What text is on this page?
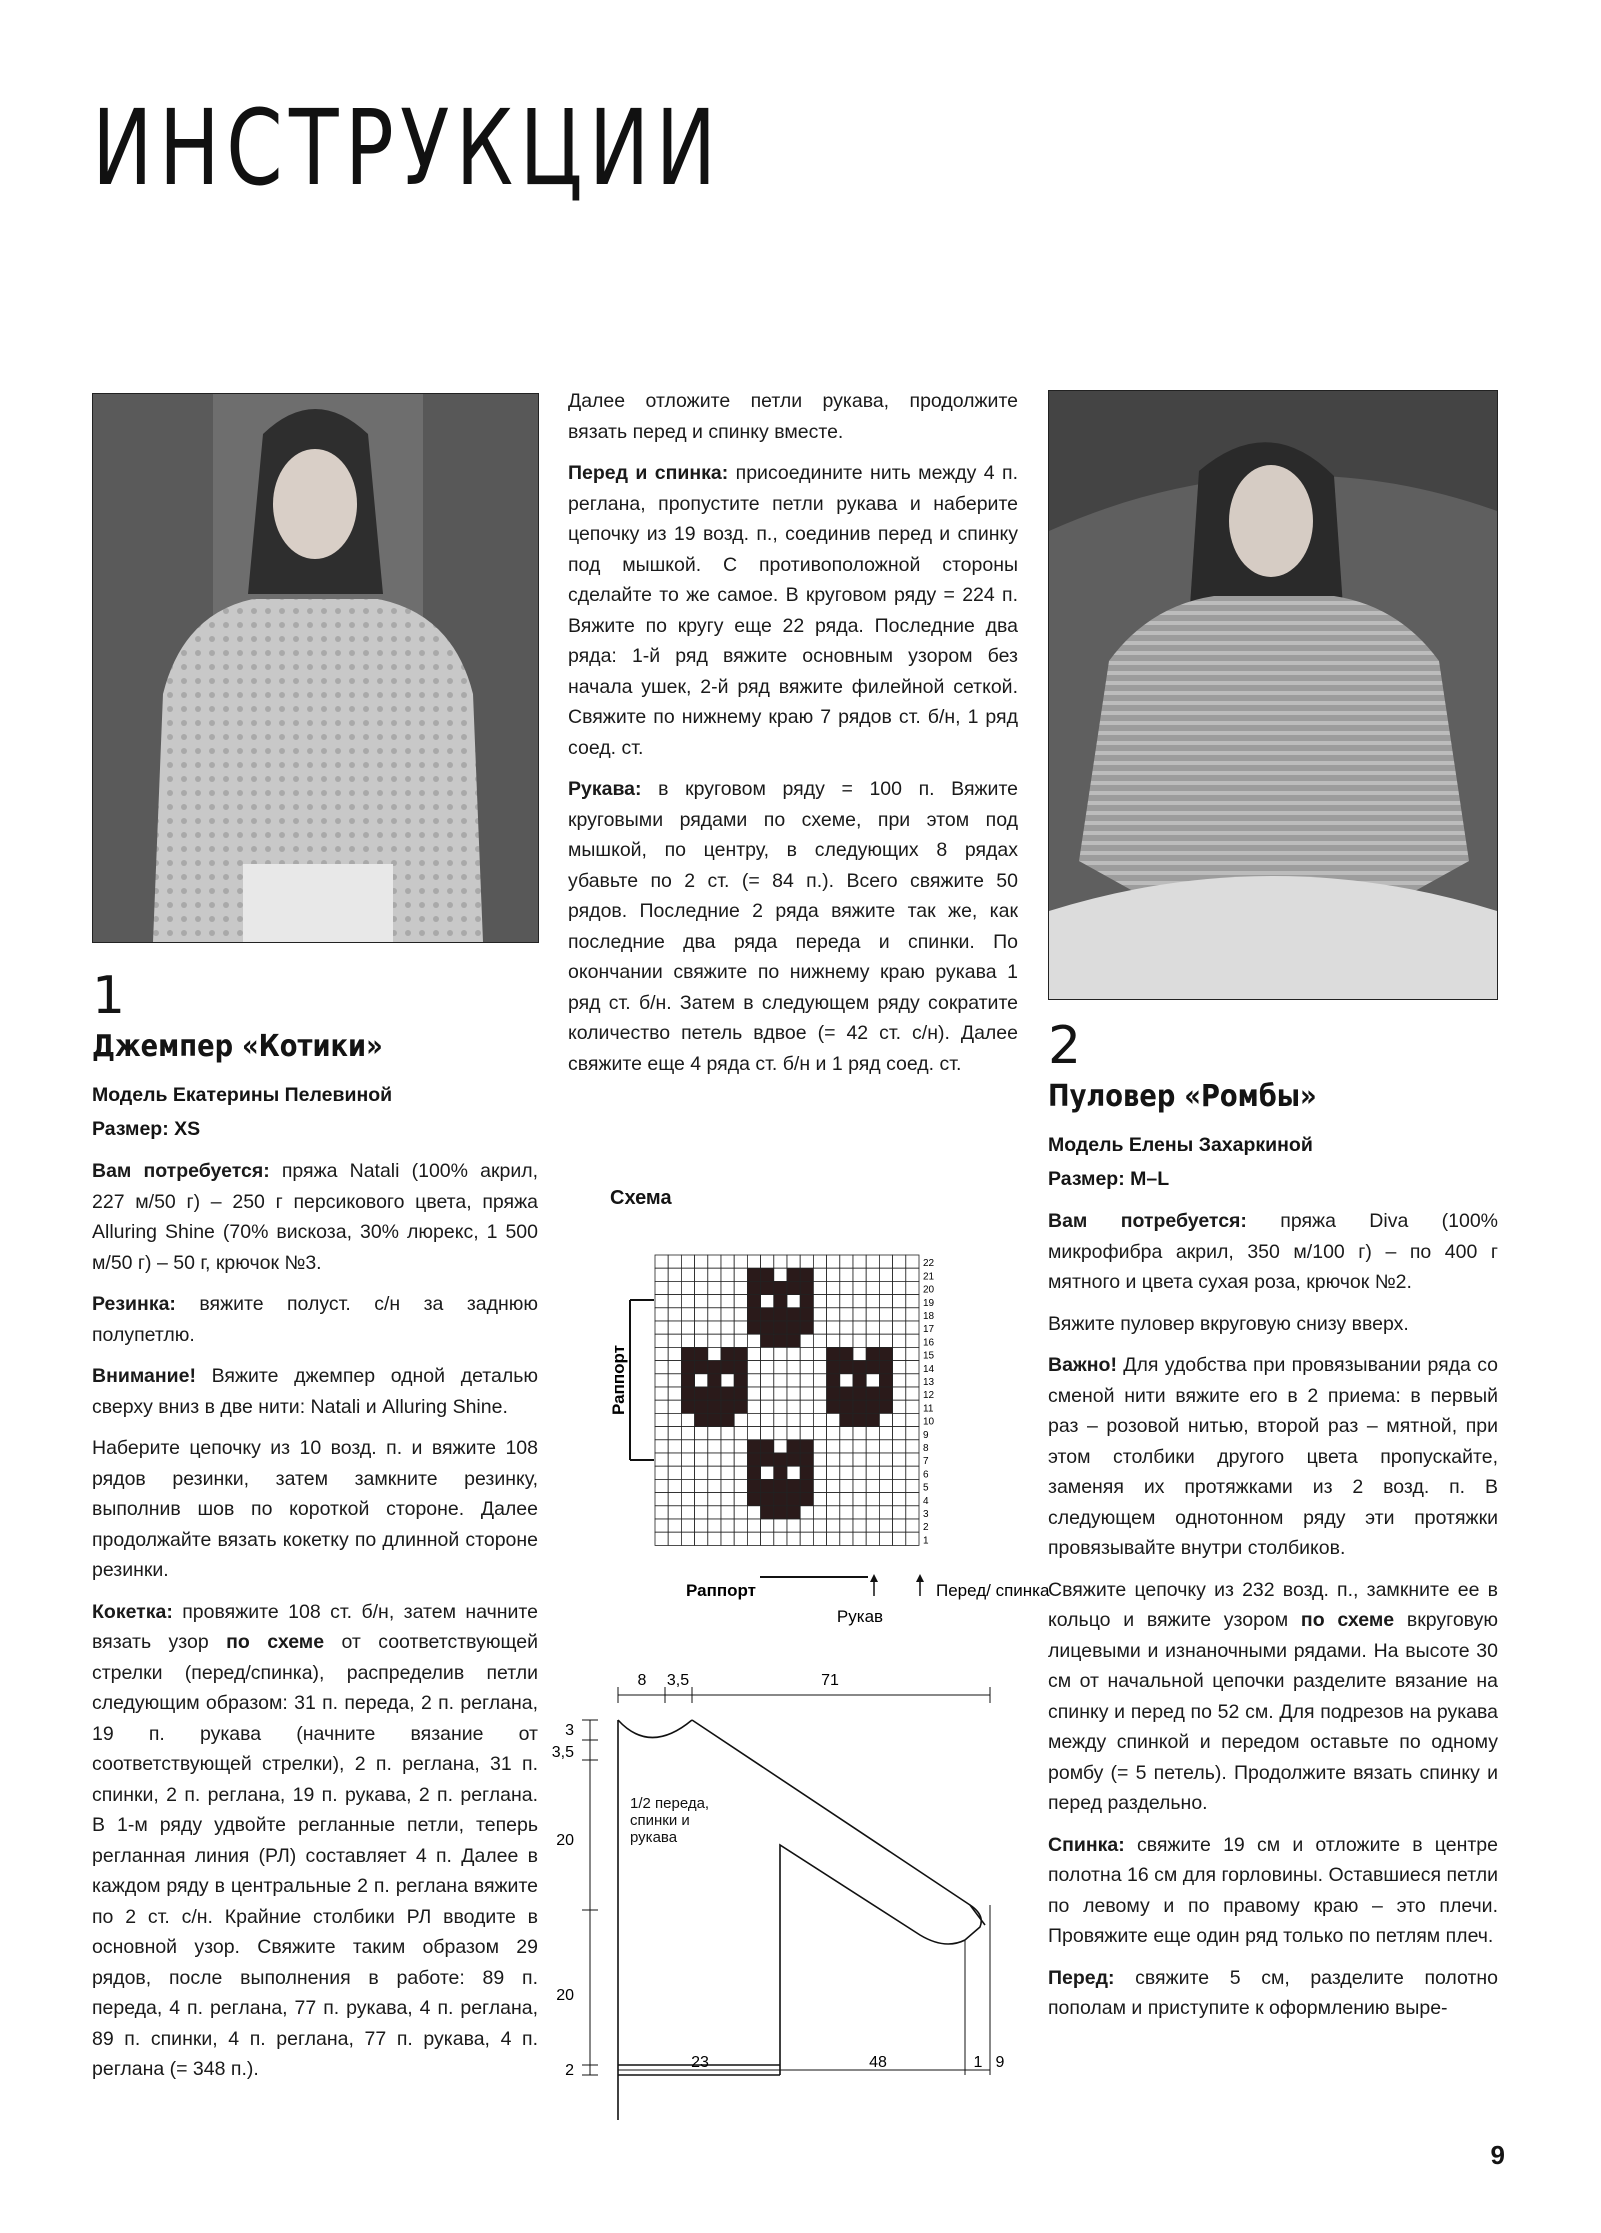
ИНСТРУКЦИИ
1
Джемпер «Котики»
Модель Екатерины Пелевиной
Размер: XS

Вам потребуется: пряжа Natali (100% акрил, 227 м/50 г) – 250 г персикового цвета, пряжа Alluring Shine (70% вискоза, 30% люрекс, 1 500 м/50 г) – 50 г, крючок №3.

Резинка: вяжите полуст. с/н за заднюю полупетлю.

Внимание! Вяжите джемпер одной деталью сверху вниз в две нити: Natali и Alluring Shine.

Наберите цепочку из 10 возд. п. и вяжите 108 рядов резинки, затем замкните резинку, выполнив шов по короткой стороне. Далее продолжайте вязать кокетку по длинной стороне резинки.

Кокетка: провяжите 108 ст. б/н, затем начните вязать узор по схеме от соответствующей стрелки (перед/спинка), распределив петли следующим образом: 31 п. переда, 2 п. реглана, 19 п. рукава (начните вязание от соответствующей стрелки), 2 п. реглана, 31 п. спинки, 2 п. реглана, 19 п. рукава, 2 п. реглана. В 1-м ряду удвойте регланные петли, теперь регланная линия (РЛ) составляет 4 п. Далее в каждом ряду в центральные 2 п. реглана вяжите по 2 ст. с/н. Крайние столбики РЛ вводите в основной узор. Свяжите таким образом 29 рядов, после выполнения в работе: 89 п. переда, 4 п. реглана, 77 п. рукава, 4 п. реглана, 89 п. спинки, 4 п. реглана, 77 п. рукава, 4 п. реглана (= 348 п.).

Далее отложите петли рукава, продолжите вязать перед и спинку вместе.

Перед и спинка: присоедините нить между 4 п. реглана, пропустите петли рукава и наберите цепочку из 19 возд. п., соединив перед и спинку под мышкой. С противоположной стороны сделайте то же самое. В круговом ряду = 224 п. Вяжите по кругу еще 22 ряда. Последние два ряда: 1-й ряд вяжите основным узором без начала ушек, 2-й ряд вяжите филейной сеткой. Свяжите по нижнему краю 7 рядов ст. б/н, 1 ряд соед. ст.

Рукава: в круговом ряду = 100 п. Вяжите круговыми рядами по схеме, при этом под мышкой, по центру, в следующих 8 рядах убавьте по 2 ст. (= 84 п.). Всего свяжите 50 рядов. Последние 2 ряда вяжите так же, как последние два ряда переда и спинки. По окончании свяжите по нижнему краю рукава 1 ряд ст. б/н. Затем в следующем ряду сократите количество петель вдвое (= 42 ст. с/н). Далее свяжите еще 4 ряда ст. б/н и 1 ряд соед. ст.

Схема
22
21
20
19
18
17
16
15
14
13
12
11
10
9
8
7
6
5
4
3
2
1
Раппорт
Раппорт	Перед/ спинка
Рукав
8 3,5	71
3
3,5
20
20
2	23	48	1 9
1/2 переда, спинки и рукава
2
Пуловер «Ромбы»
Модель Елены Захаркиной
Размер: M–L

Вам потребуется: пряжа Diva (100% микрофибра акрил, 350 м/100 г) – по 400 г мятного и цвета сухая роза, крючок №2.

Вяжите пуловер вкруговую снизу вверх.

Важно! Для удобства при провязывании ряда со сменой нити вяжите его в 2 приема: в первый раз – розовой нитью, второй раз – мятной, при этом столбики другого цвета пропускайте, заменяя их протяжками из 2 возд. п. В следующем однотонном ряду эти протяжки провязывайте внутри столбиков.

Свяжите цепочку из 232 возд. п., замкните ее в кольцо и вяжите узором по схеме вкруговую лицевыми и изнаночными рядами. На высоте 30 см от начальной цепочки разделите вязание на спинку и перед по 52 см. Для подрезов на рукава между спинкой и передом оставьте по одному ромбу (= 5 петель). Продолжите вязать спинку и перед раздельно.

Спинка: свяжите 19 см и отложите в центре полотна 16 см для горловины. Оставшиеся петли по левому и по правому краю – это плечи. Провяжите еще один ряд только по петлям плеч.

Перед: свяжите 5 см, разделите полотно пополам и приступите к оформлению выре-

9
